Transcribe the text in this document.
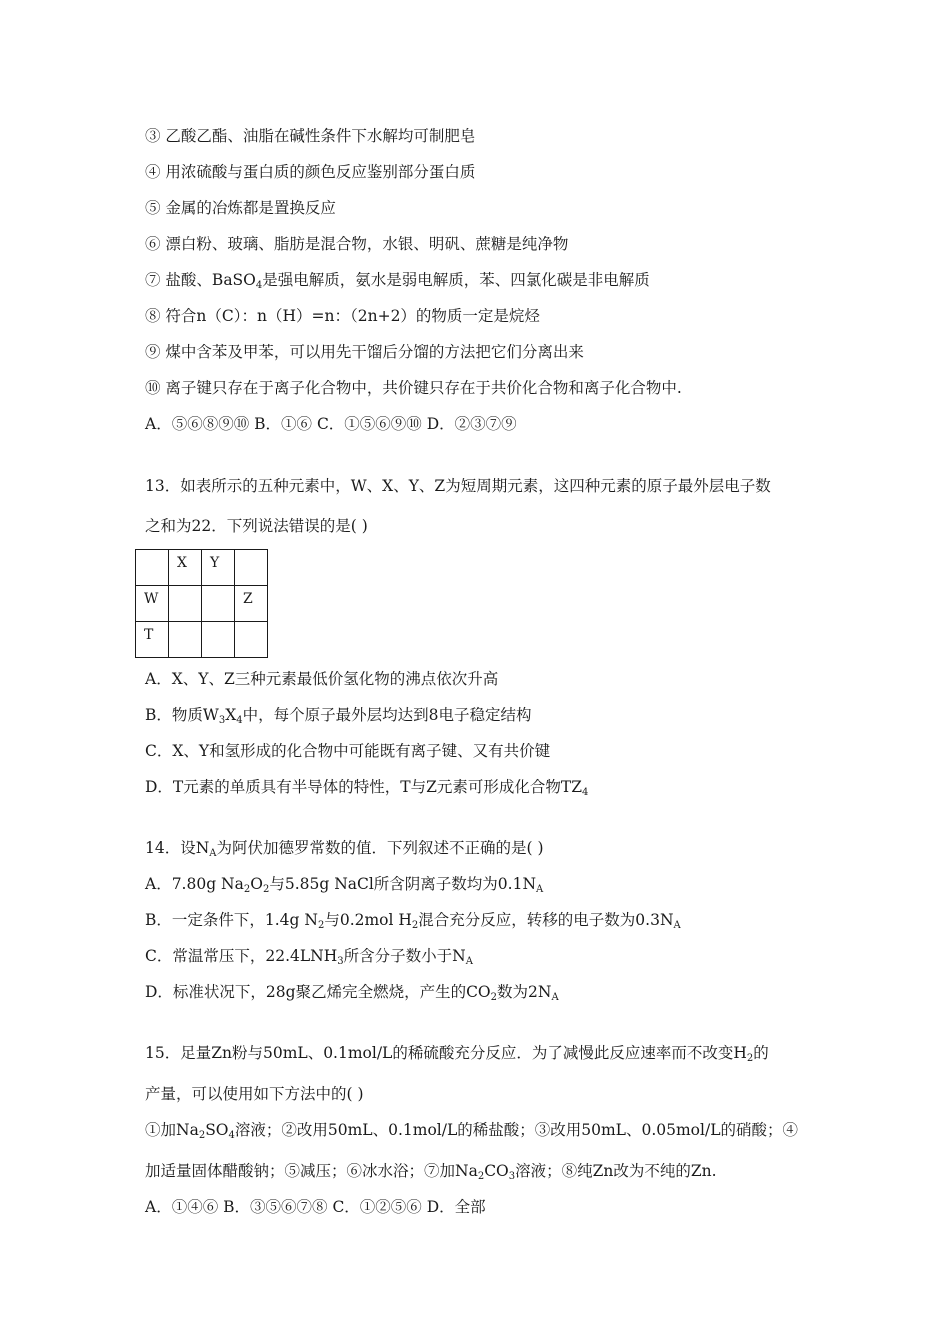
③ 乙酸乙酯、油脂在碱性条件下水解均可制肥皂
④ 用浓硫酸与蛋白质的颜色反应鉴别部分蛋白质
⑤ 金属的冶炼都是置换反应
⑥ 漂白粉、玻璃、脂肪是混合物，水银、明矾、蔗糖是纯净物
⑦ 盐酸、BaSO$_4$是强电解质，氨水是弱电解质，苯、四氯化碳是非电解质
⑧ 符合n（C）：n（H）=n：（2n+2）的物质一定是烷烃
⑨ 煤中含苯及甲苯，可以用先干馏后分馏的方法把它们分离出来
⑩ 离子键只存在于离子化合物中，共价键只存在于共价化合物和离子化合物中.
A．⑤⑥⑧⑨⑩ B．①⑥ C．①⑤⑥⑨⑩ D．②③⑦⑨
13．如表所示的五种元素中，W、X、Y、Z为短周期元素，这四种元素的原子最外层电子数
之和为22．下列说法错误的是( )
	X	Y	
W			Z
T			
A．X、Y、Z三种元素最低价氢化物的沸点依次升高
B．物质$W_3X_4$中，每个原子最外层均达到8电子稳定结构
C．X、Y和氢形成的化合物中可能既有离子键、又有共价键
D．T元素的单质具有半导体的特性，T与Z元素可形成化合物$TZ_4$
14．设$N_A$为阿伏加德罗常数的值．下列叙述不正确的是( )
A．7.80g $Na_2O_2$与5.85g NaCl所含阴离子数均为$0.1N_A$
B．一定条件下，1.4g $N_2$与0.2mol $H_2$混合充分反应，转移的电子数为$0.3N_A$
C．常温常压下，$22.4LNH_3$所含分子数小于$N_A$
D．标准状况下，28g聚乙烯完全燃烧，产生的$CO_2$数为$2N_A$
15．足量Zn粉与50mL、0.1mol/L的稀硫酸充分反应．为了减慢此反应速率而不改变$H_2$的
产量，可以使用如下方法中的( )
①加$Na_2SO_4$溶液；②改用50mL、0.1mol/L的稀盐酸；③改用50mL、0.05mol/L的硝酸；④
加适量固体醋酸钠；⑤减压；⑥冰水浴；⑦加$Na_2CO_3$溶液；⑧纯Zn改为不纯的Zn.
A．①④⑥ B．③⑤⑥⑦⑧ C．①②⑤⑥ D．全部
